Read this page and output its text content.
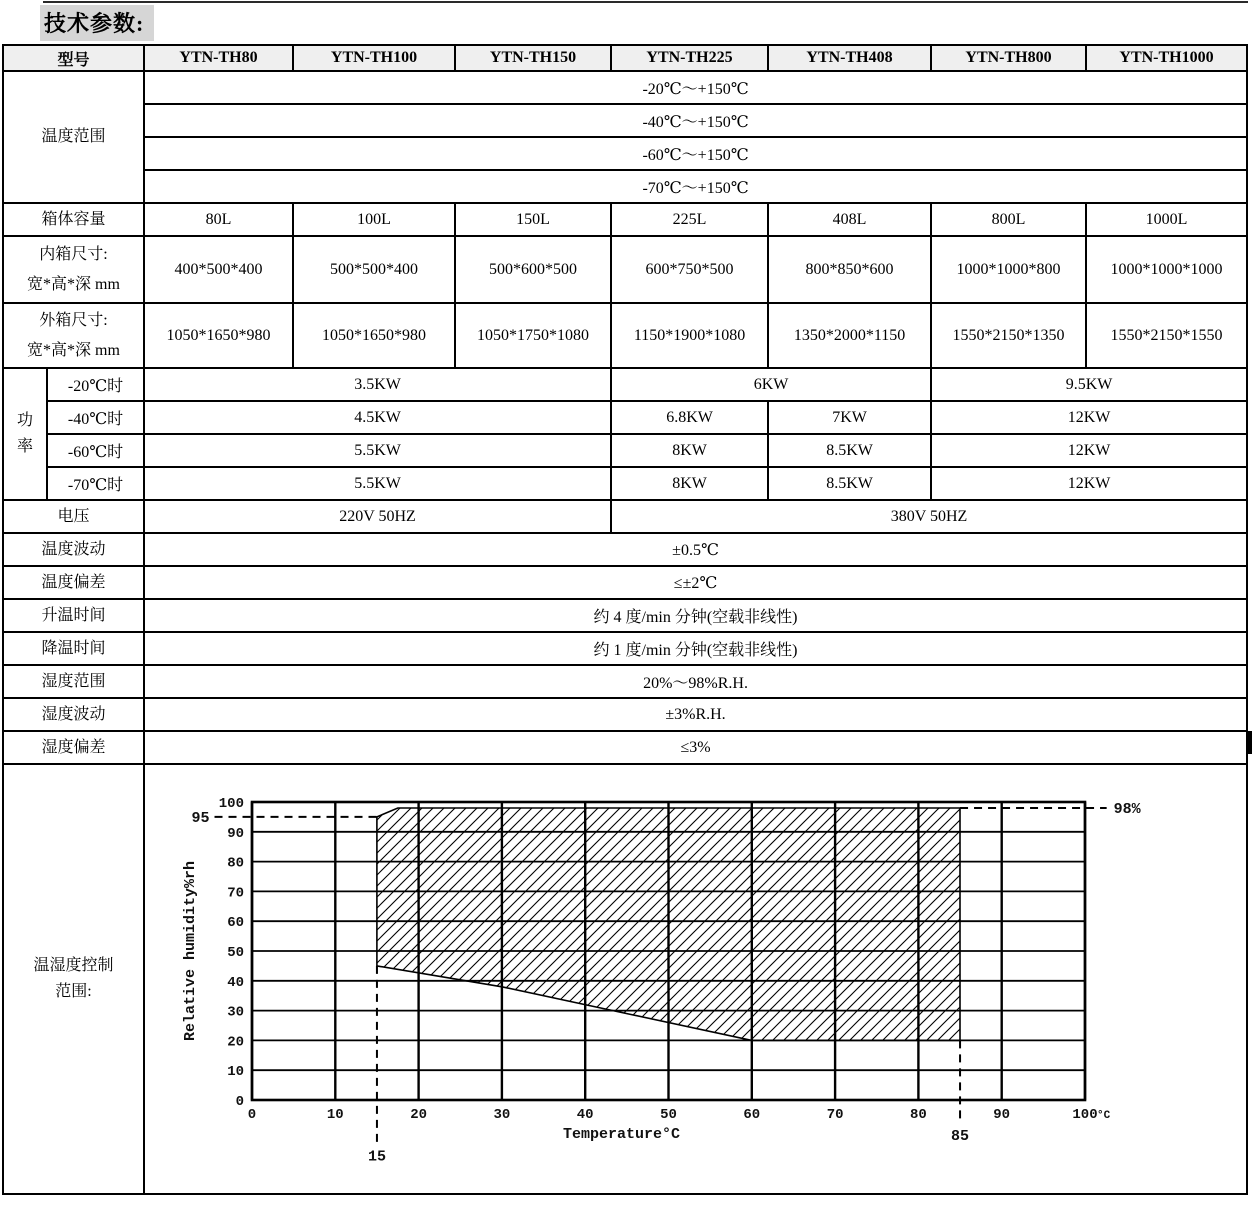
技术参数:
型号		YTN-TH80	YTN-TH100	YTN-TH150	YTN-TH225	YTN-TH408	YTN-TH800	YTN-TH1000
温度范围		-20℃～+150℃						
		-40℃～+150℃						
		-60℃～+150℃						
		-70℃～+150℃						
箱体容量		80L	100L	150L	225L	408L	800L	1000L

内箱尺寸:
宽*高*深 mm		400*500*400	500*500*400	500*600*500	600*750*500	800*850*600	1000*1000*800	1000*1000*1000

外箱尺寸:
宽*高*深 mm		1050*1650*980	1050*1650*980	1050*1750*1080	1150*1900*1080	1350*2000*1150	1550*2150*1350	1550*2150*1550

功
率	-20℃时	3.5KW			6KW		9.5KW	
	-40℃时	4.5KW			6.8KW	7KW	12KW	
	-60℃时	5.5KW			8KW	8.5KW	12KW	
	-70℃时	5.5KW			8KW	8.5KW	12KW	
电压		220V 50HZ			380V 50HZ			
温度波动		±0.5℃						
温度偏差		≤±2℃						
升温时间		约 4 度/min 分钟(空载非线性)						
降温时间		约 1 度/min 分钟(空载非线性)						
湿度范围		20%～98%R.H.						
湿度波动		±3%R.H.						
湿度偏差		≤3%						

温湿度控制
范围:

95
98%
15
85
0	10	20	30	40	50	60	70	80	90	100
0
10
20
30
40
50
60
70
80
90
100
°C
Temperature°C
Relative humidity%rh
